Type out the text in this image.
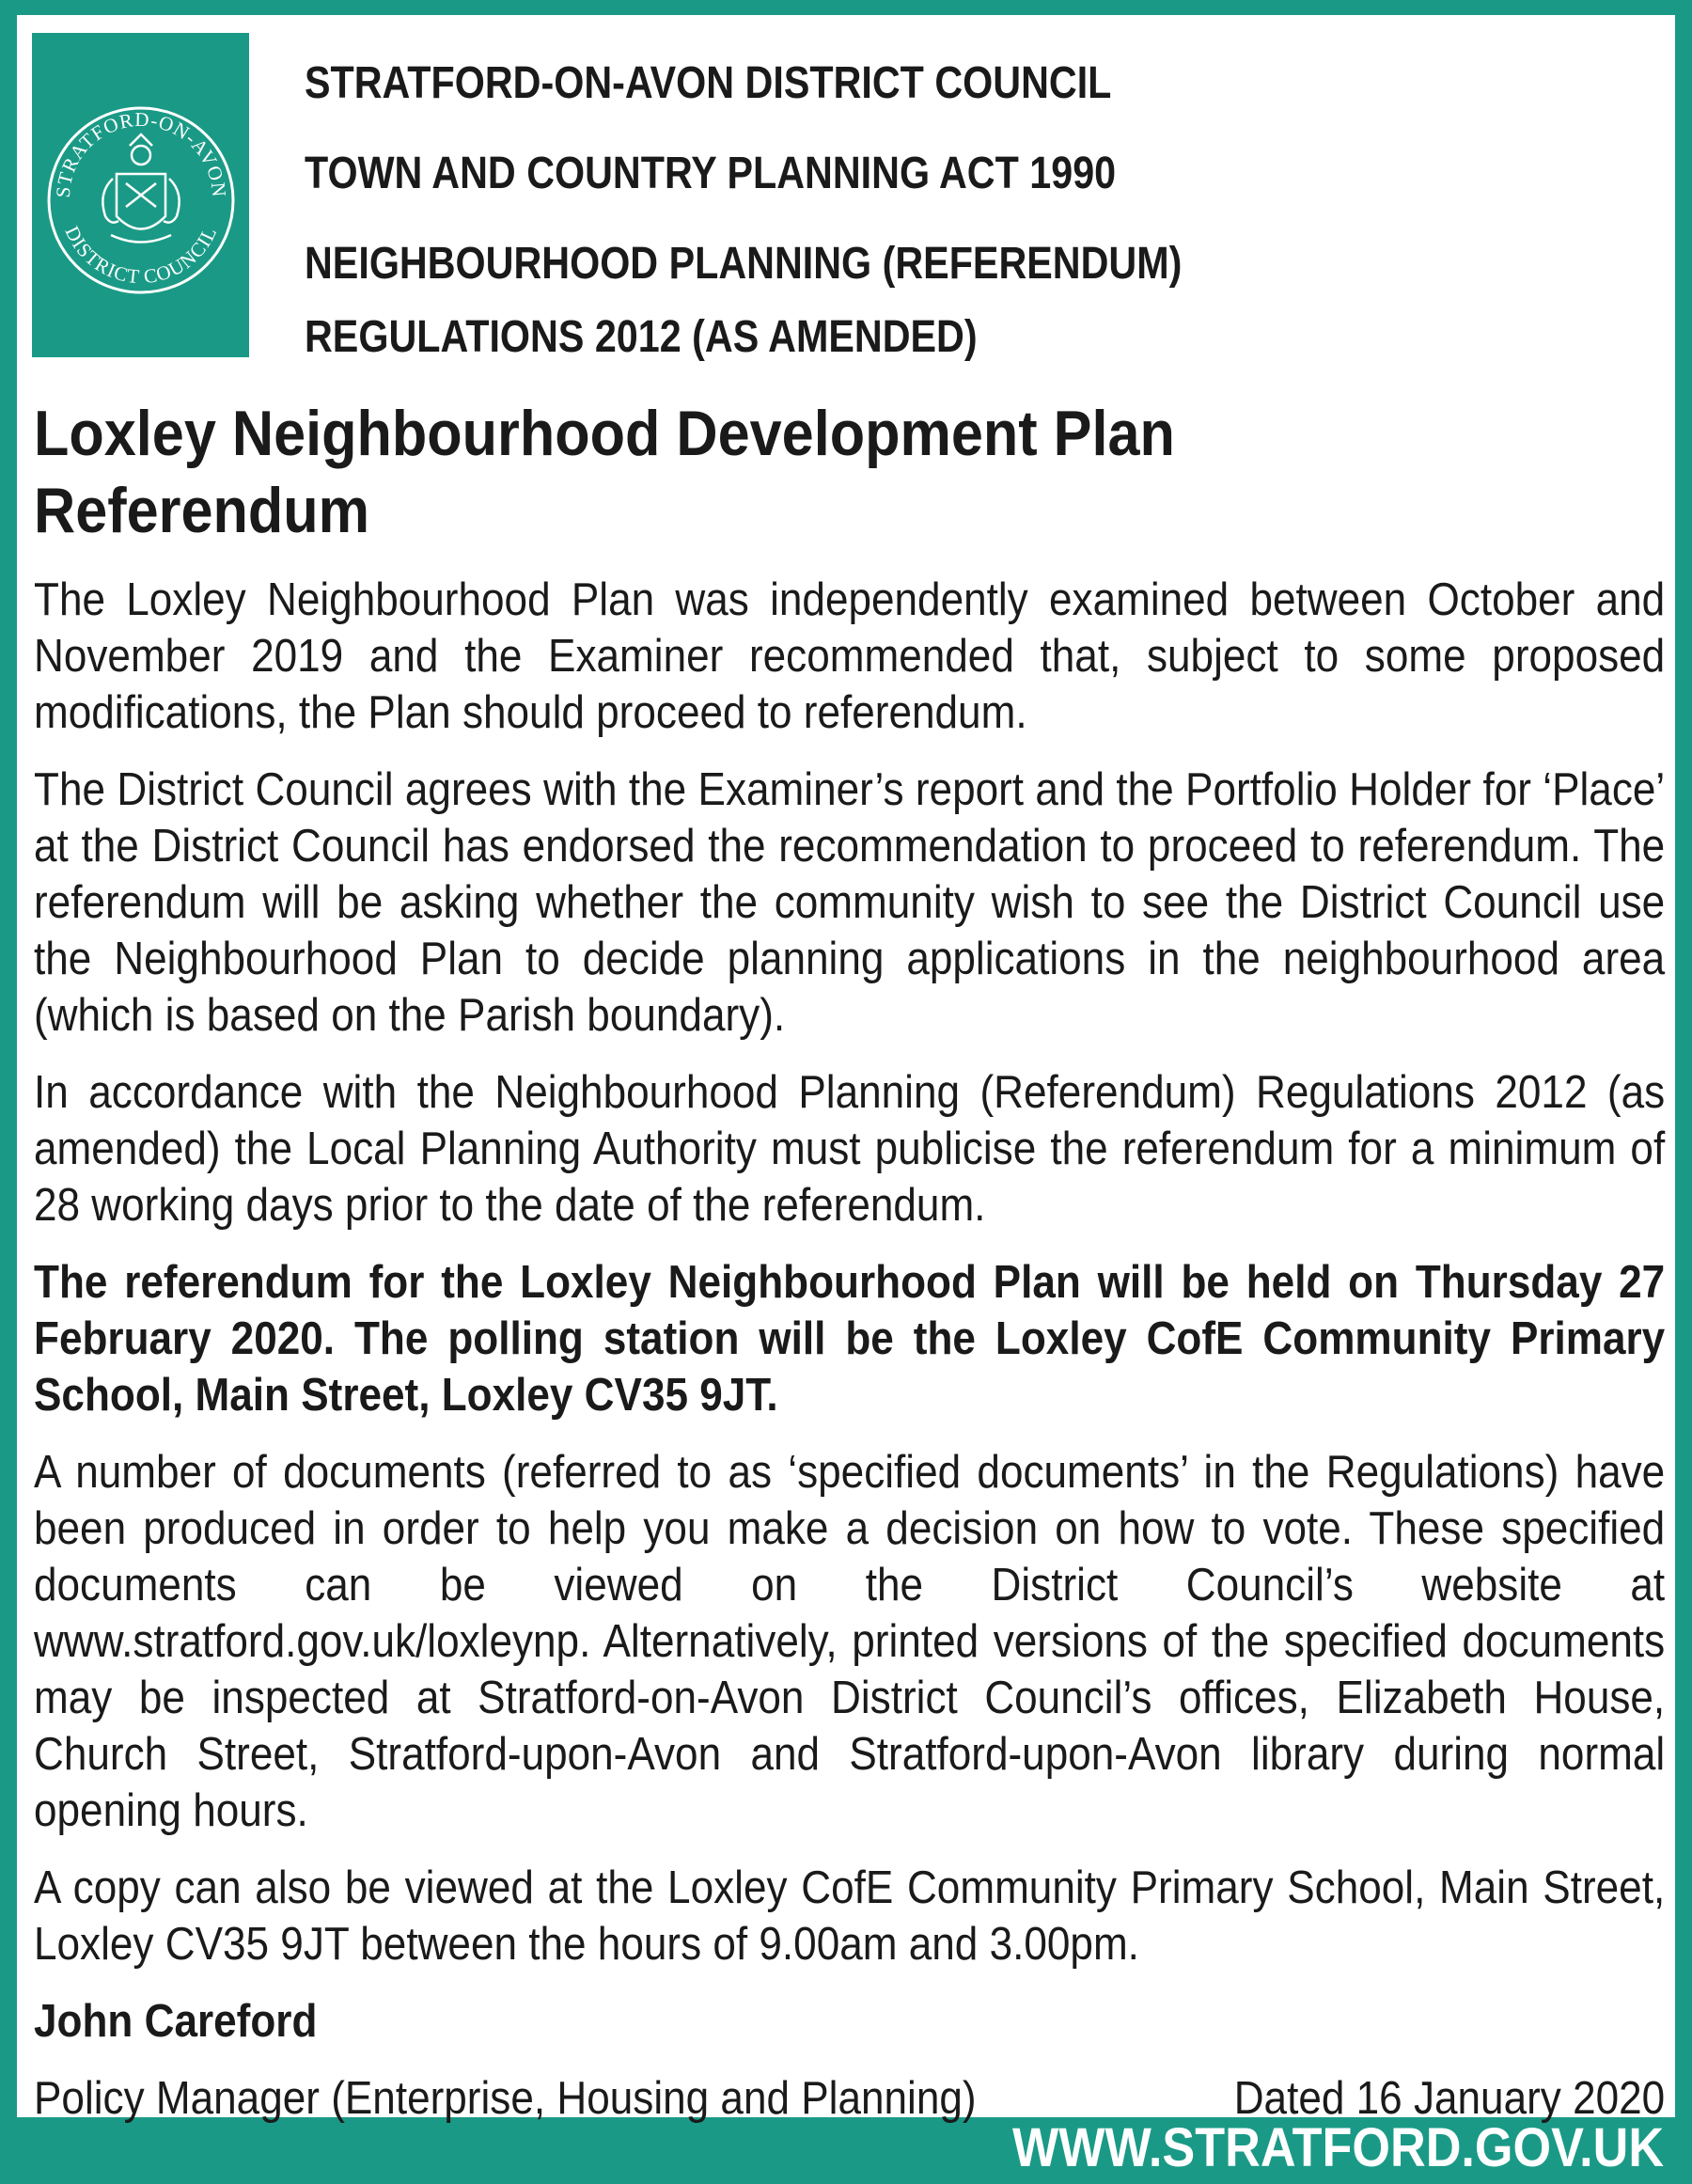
STRATFORD-ON-AVON
DISTRICT COUNCIL
STRATFORD-ON-AVON DISTRICT COUNCIL
TOWN AND COUNTRY PLANNING ACT 1990
NEIGHBOURHOOD PLANNING (REFERENDUM)
REGULATIONS 2012 (AS AMENDED)
Loxley Neighbourhood Development Plan Referendum

The Loxley Neighbourhood Plan was independently examined between October and November 2019 and the Examiner recommended that, subject to some proposed modifications, the Plan should proceed to referendum.

The District Council agrees with the Examiner’s report and the Portfolio Holder for ‘Place’ at the District Council has endorsed the recommendation to proceed to referendum. The referendum will be asking whether the community wish to see the District Council use the Neighbourhood Plan to decide planning applications in the neighbourhood area (which is based on the Parish boundary).

In accordance with the Neighbourhood Planning (Referendum) Regulations 2012 (as amended) the Local Planning Authority must publicise the referendum for a minimum of 28 working days prior to the date of the referendum.

The referendum for the Loxley Neighbourhood Plan will be held on Thursday 27 February 2020. The polling station will be the Loxley CofE Community Primary School, Main Street, Loxley CV35 9JT.

A number of documents (referred to as ‘specified documents’ in the Regulations) have been produced in order to help you make a decision on how to vote. These specified documents can be viewed on the District Council’s website at www.stratford.gov.uk/loxleynp. Alternatively, printed versions of the specified documents may be inspected at Stratford-on-Avon District Council’s offices, Elizabeth House, Church Street, Stratford-upon-Avon and Stratford-upon-Avon library during normal opening hours.

A copy can also be viewed at the Loxley CofE Community Primary School, Main Street, Loxley CV35 9JT between the hours of 9.00am and 3.00pm.

John Careford

Policy Manager (Enterprise, Housing and Planning)	Dated 16 January 2020
WWW.STRATFORD.GOV.UK
